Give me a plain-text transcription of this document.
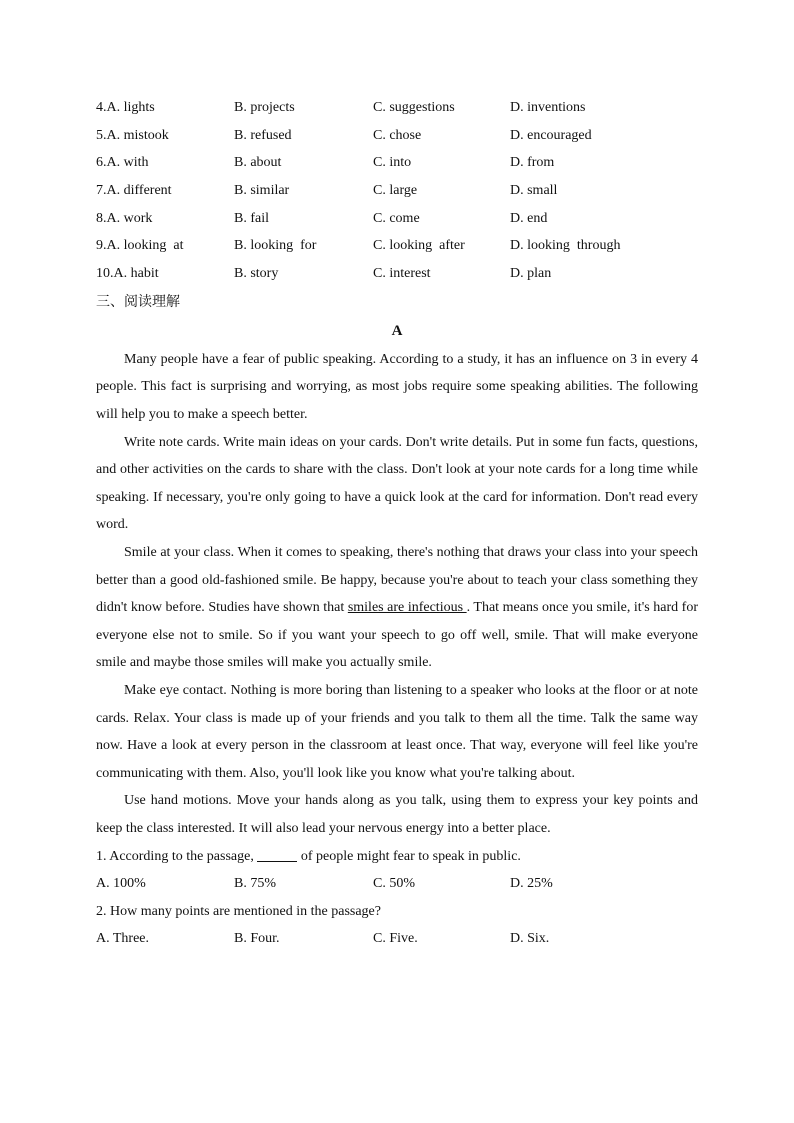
4.A. lights	B. projects	C. suggestions	D. inventions
5.A. mistook	B. refused	C. chose	D. encouraged
6.A. with	B. about	C. into	D. from
7.A. different	B. similar	C. large	D. small
8.A. work	B. fail	C. come	D. end
9.A. looking  at	B. looking  for	C. looking  after	D. looking  through
10.A. habit	B. story	C. interest	D. plan
三、阅读理解
A

Many people have a fear of public speaking. According to a study, it has an influence on 3 in every 4 people. This fact is surprising and worrying, as most jobs require some speaking abilities. The following will help you to make a speech better.

Write note cards. Write main ideas on your cards. Don't write details. Put in some fun facts, questions, and other activities on the cards to share with the class. Don't look at your note cards for a long time while speaking. If necessary, you're only going to have a quick look at the card for information. Don't read every word.

Smile at your class. When it comes to speaking, there's nothing that draws your class into your speech better than a good old-fashioned smile. Be happy, because you're about to teach your class something they didn't know before. Studies have shown that smiles are infectious . That means once you smile, it's hard for everyone else not to smile. So if you want your speech to go off well, smile. That will make everyone smile and maybe those smiles will make you actually smile.

Make eye contact. Nothing is more boring than listening to a speaker who looks at the floor or at note cards. Relax. Your class is made up of your friends and you talk to them all the time. Talk the same way now. Have a look at every person in the classroom at least once. That way, everyone will feel like you're communicating with them. Also, you'll look like you know what you're talking about.

Use hand motions. Move your hands along as you talk, using them to express your key points and keep the class interested. It will also lead your nervous energy into a better place.

1. According to the passage,	of people might fear to speak in public.

A. 100%	B. 75%	C. 50%	D. 25%

2. How many points are mentioned in the passage?

A. Three.	B. Four.	C. Five.	D. Six.
